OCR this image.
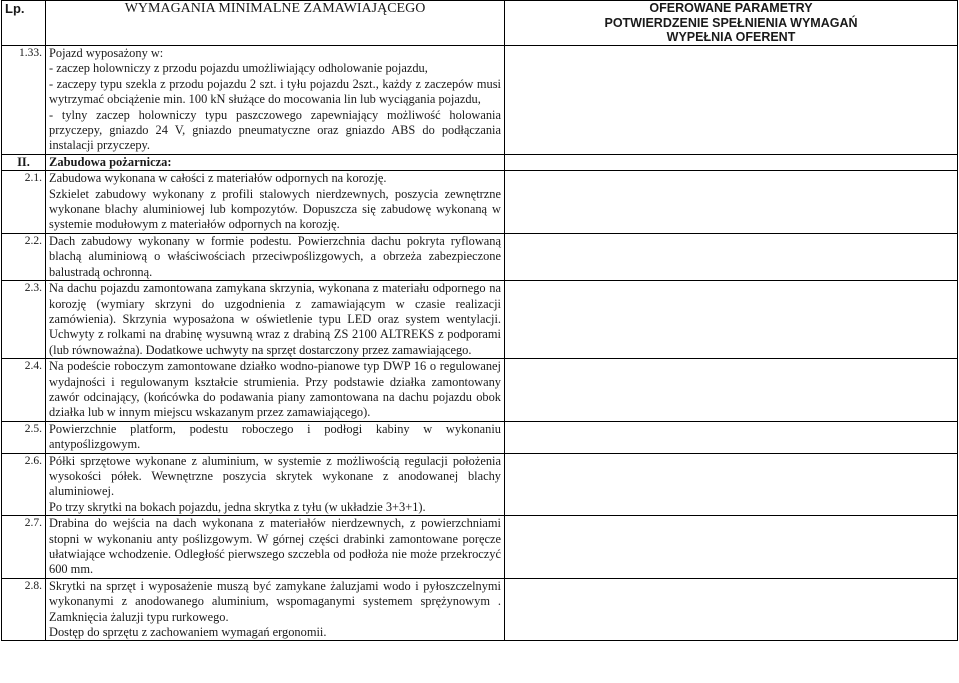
Lp.	WYMAGANIA MINIMALNE ZAMAWIAJĄCEGO	OFEROWANE PARAMETRY
POTWIERDZENIE SPEŁNIENIA WYMAGAŃ
WYPEŁNIA OFERENT

1.33.	Pojazd wyposażony w:

- zaczep holowniczy z przodu pojazdu umożliwiający odholowanie pojazdu,

- zaczepy typu szekla z przodu pojazdu 2 szt. i tyłu pojazdu 2szt., każdy z zaczepów musi wytrzymać obciążenie min. 100 kN służące do mocowania lin lub wyciągania pojazdu,

- tylny zaczep holowniczy typu paszczowego zapewniający możliwość holowania przyczepy, gniazdo 24 V, gniazdo pneumatyczne oraz gniazdo ABS do podłączania instalacji przyczepy.	

II.	Zabudowa pożarnicza:	
2.1.	Zabudowa wykonana w całości z materiałów odpornych na korozję.

Szkielet zabudowy wykonany z profili stalowych nierdzewnych, poszycia zewnętrzne wykonane blachy aluminiowej lub kompozytów. Dopuszcza się zabudowę wykonaną w systemie modułowym z materiałów odpornych na korozję.	

2.2.	Dach zabudowy wykonany w formie podestu. Powierzchnia dachu pokryta ryflowaną blachą aluminiową o właściwościach przeciwpoślizgowych, a obrzeża zabezpieczone balustradą ochronną.	

2.3.	Na dachu pojazdu zamontowana zamykana skrzynia, wykonana z materiału odpornego na korozję (wymiary skrzyni do uzgodnienia z zamawiającym w czasie realizacji zamówienia). Skrzynia wyposażona w oświetlenie typu LED oraz system wentylacji. Uchwyty z rolkami na drabinę wysuwną wraz z drabiną ZS 2100 ALTREKS z podporami (lub równoważna). Dodatkowe uchwyty na sprzęt dostarczony przez zamawiającego.	

2.4.	Na podeście roboczym zamontowane działko wodno-pianowe typ DWP 16 o regulowanej wydajności i regulowanym kształcie strumienia. Przy podstawie działka zamontowany zawór odcinający, (końcówka do podawania piany zamontowana na dachu pojazdu obok działka lub w innym miejscu wskazanym przez zamawiającego).	

2.5.	Powierzchnie platform, podestu roboczego i podłogi kabiny w wykonaniu antypoślizgowym.	

2.6.	Półki sprzętowe wykonane z aluminium, w systemie z możliwością regulacji położenia wysokości półek. Wewnętrzne poszycia skrytek wykonane z anodowanej blachy aluminiowej.

Po trzy skrytki na bokach pojazdu, jedna skrytka z tyłu (w układzie 3+3+1).	

2.7.	Drabina do wejścia na dach wykonana z materiałów nierdzewnych, z powierzchniami stopni w wykonaniu anty poślizgowym. W górnej części drabinki zamontowane poręcze ułatwiające wchodzenie. Odległość pierwszego szczebla od podłoża nie może przekroczyć 600 mm.	

2.8.	Skrytki na sprzęt i wyposażenie muszą być zamykane żaluzjami wodo i pyłoszczelnymi wykonanymi z anodowanego aluminium, wspomaganymi systemem sprężynowym . Zamknięcia żaluzji typu rurkowego.

Dostęp do sprzętu z zachowaniem wymagań ergonomii.	
